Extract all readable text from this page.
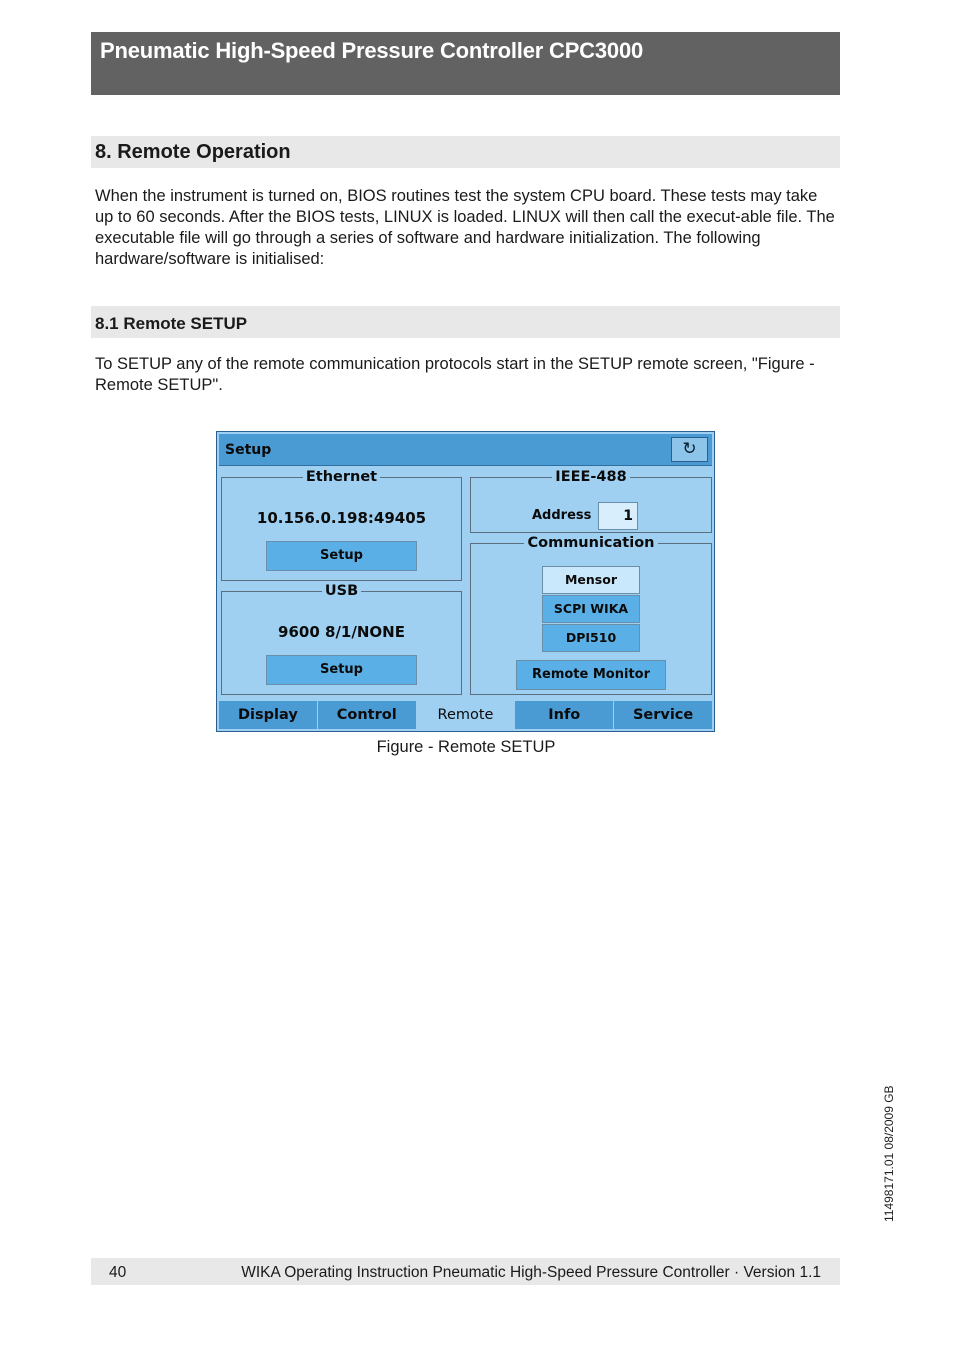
Pneumatic High-Speed Pressure Controller CPC3000
8. Remote Operation

When the instrument is turned on, BIOS routines test the system CPU board. These tests may take up to 60 seconds. After the BIOS tests, LINUX is loaded. LINUX will then call the execut-able file. The executable file will go through a series of software and hardware initialization. The following hardware/software is initialised:

8.1 Remote SETUP

To SETUP any of the remote communication protocols start in the SETUP remote screen, "Figure - Remote SETUP".

Setup	↻
Ethernet
10.156.0.198:49405
Setup
IEEE-488
Address	1
USB
9600 8/1/NONE
Setup
Communication
Mensor
SCPI WIKA
DPI510
Remote Monitor
Display	Control	Remote	Info	Service
Figure - Remote SETUP
11498171.01 08/2009 GB
40	WIKA Operating Instruction Pneumatic High-Speed Pressure Controller · Version 1.1
